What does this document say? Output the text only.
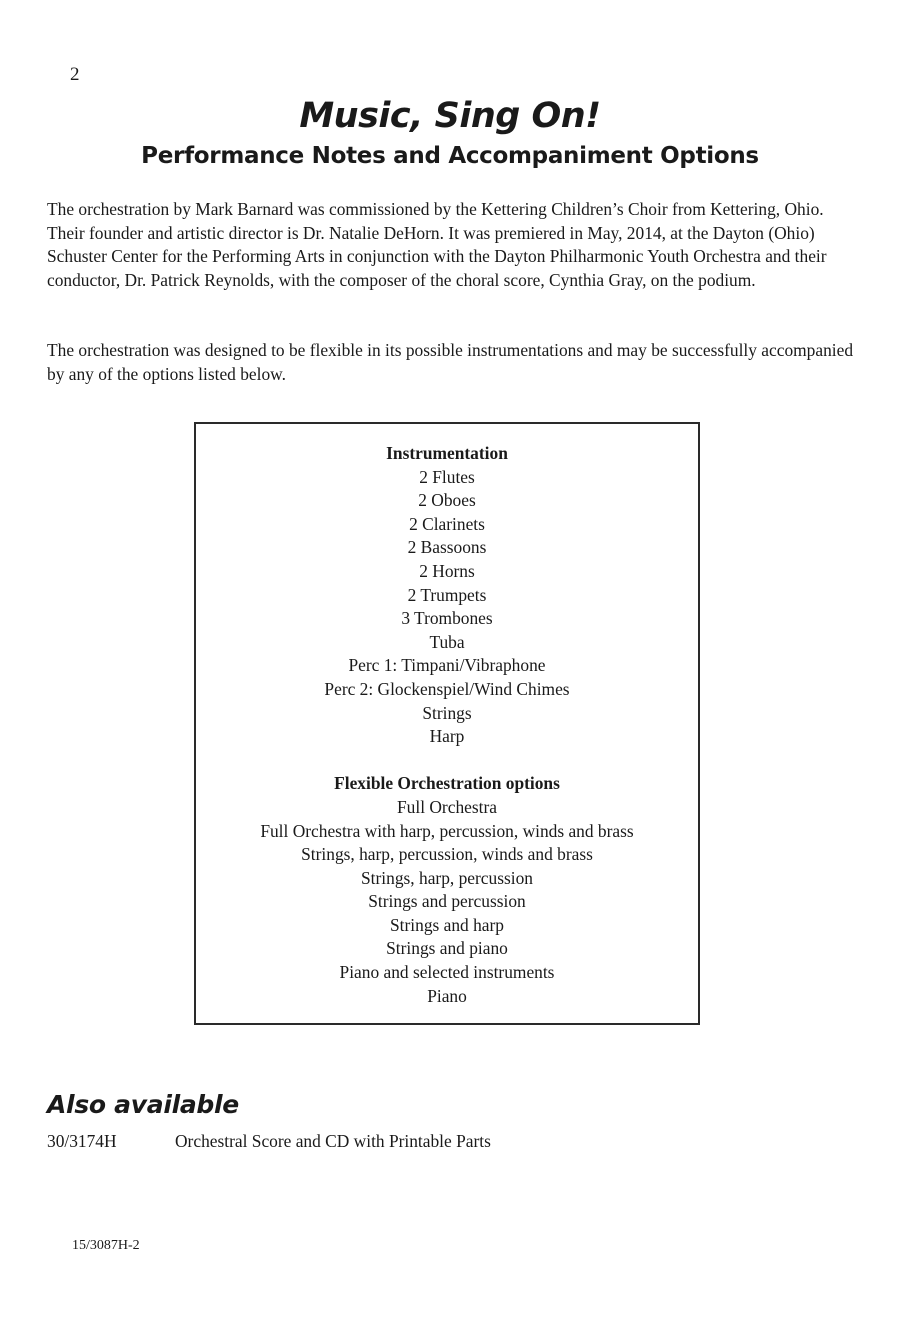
2
Music, Sing On!
Performance Notes and Accompaniment Options

The orchestration by Mark Barnard was commissioned by the Kettering Children’s Choir from Kettering, Ohio. Their founder and artistic director is Dr. Natalie DeHorn. It was premiered in May, 2014, at the Dayton (Ohio) Schuster Center for the Performing Arts in conjunction with the Dayton Philharmonic Youth Orchestra and their conductor, Dr. Patrick Reynolds, with the composer of the choral score, Cynthia Gray, on the podium.

The orchestration was designed to be flexible in its possible instrumentations and may be successfully accompanied by any of the options listed below.

Instrumentation
2 Flutes
2 Oboes
2 Clarinets
2 Bassoons
2 Horns
2 Trumpets
3 Trombones
Tuba
Perc 1: Timpani/Vibraphone
Perc 2: Glockenspiel/Wind Chimes
Strings
Harp
Flexible Orchestration options
Full Orchestra
Full Orchestra with harp, percussion, winds and brass
Strings, harp, percussion, winds and brass
Strings, harp, percussion
Strings and percussion
Strings and harp
Strings and piano
Piano and selected instruments
Piano
Also available
30/3174H	Orchestral Score and CD with Printable Parts
15/3087H-2
